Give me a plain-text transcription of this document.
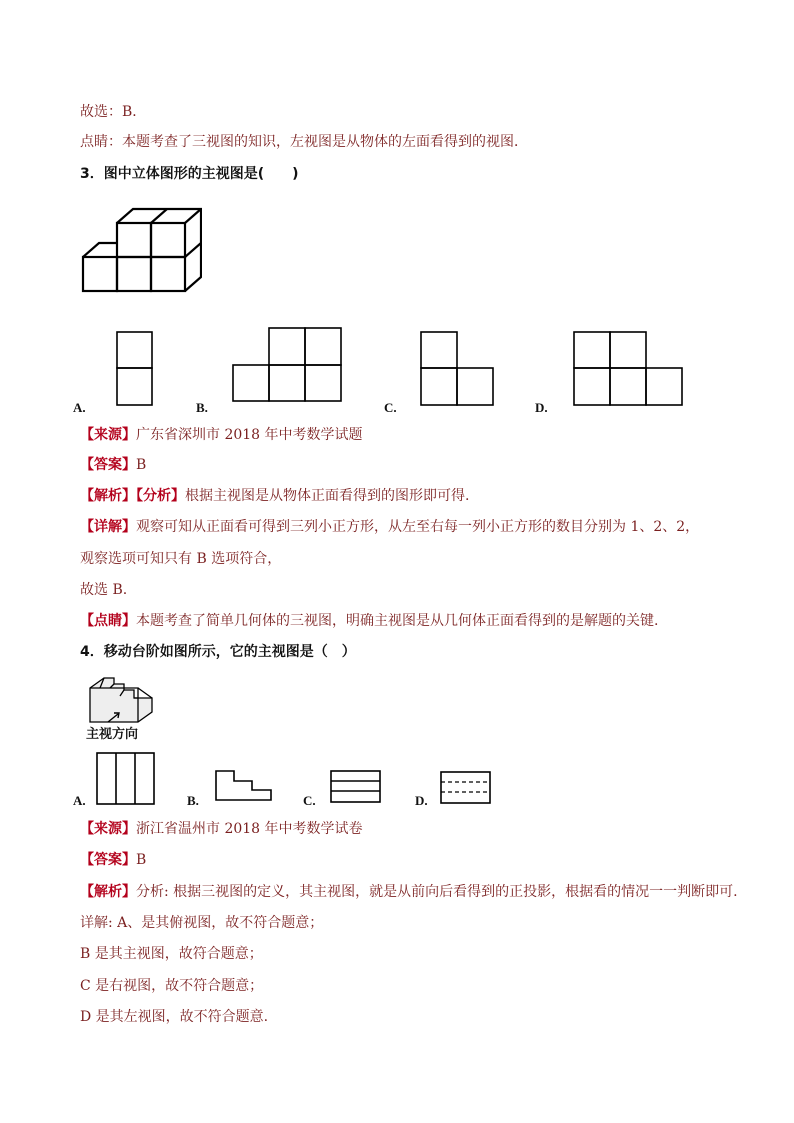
故选：B．
点睛：本题考查了三视图的知识，左视图是从物体的左面看得到的视图．
3．图中立体图形的主视图是(　　)
A.	B.	C.	D.
【来源】广东省深圳市 2018 年中考数学试题
【答案】B
【解析】【分析】根据主视图是从物体正面看得到的图形即可得.
【详解】观察可知从正面看可得到三列小正方形，从左至右每一列小正方形的数目分别为 1、2、2，
观察选项可知只有 B 选项符合，
故选 B.
【点睛】本题考查了简单几何体的三视图，明确主视图是从几何体正面看得到的是解题的关键.
4．移动台阶如图所示，它的主视图是（　）
主视方向
A.	B.	C.	D.
【来源】浙江省温州市 2018 年中考数学试卷
【答案】B
【解析】分析: 根据三视图的定义，其主视图，就是从前向后看得到的正投影，根据看的情况一一判断即可.
详解: A、是其俯视图，故不符合题意；
B 是其主视图，故符合题意；
C 是右视图，故不符合题意；
D 是其左视图，故不符合题意.
